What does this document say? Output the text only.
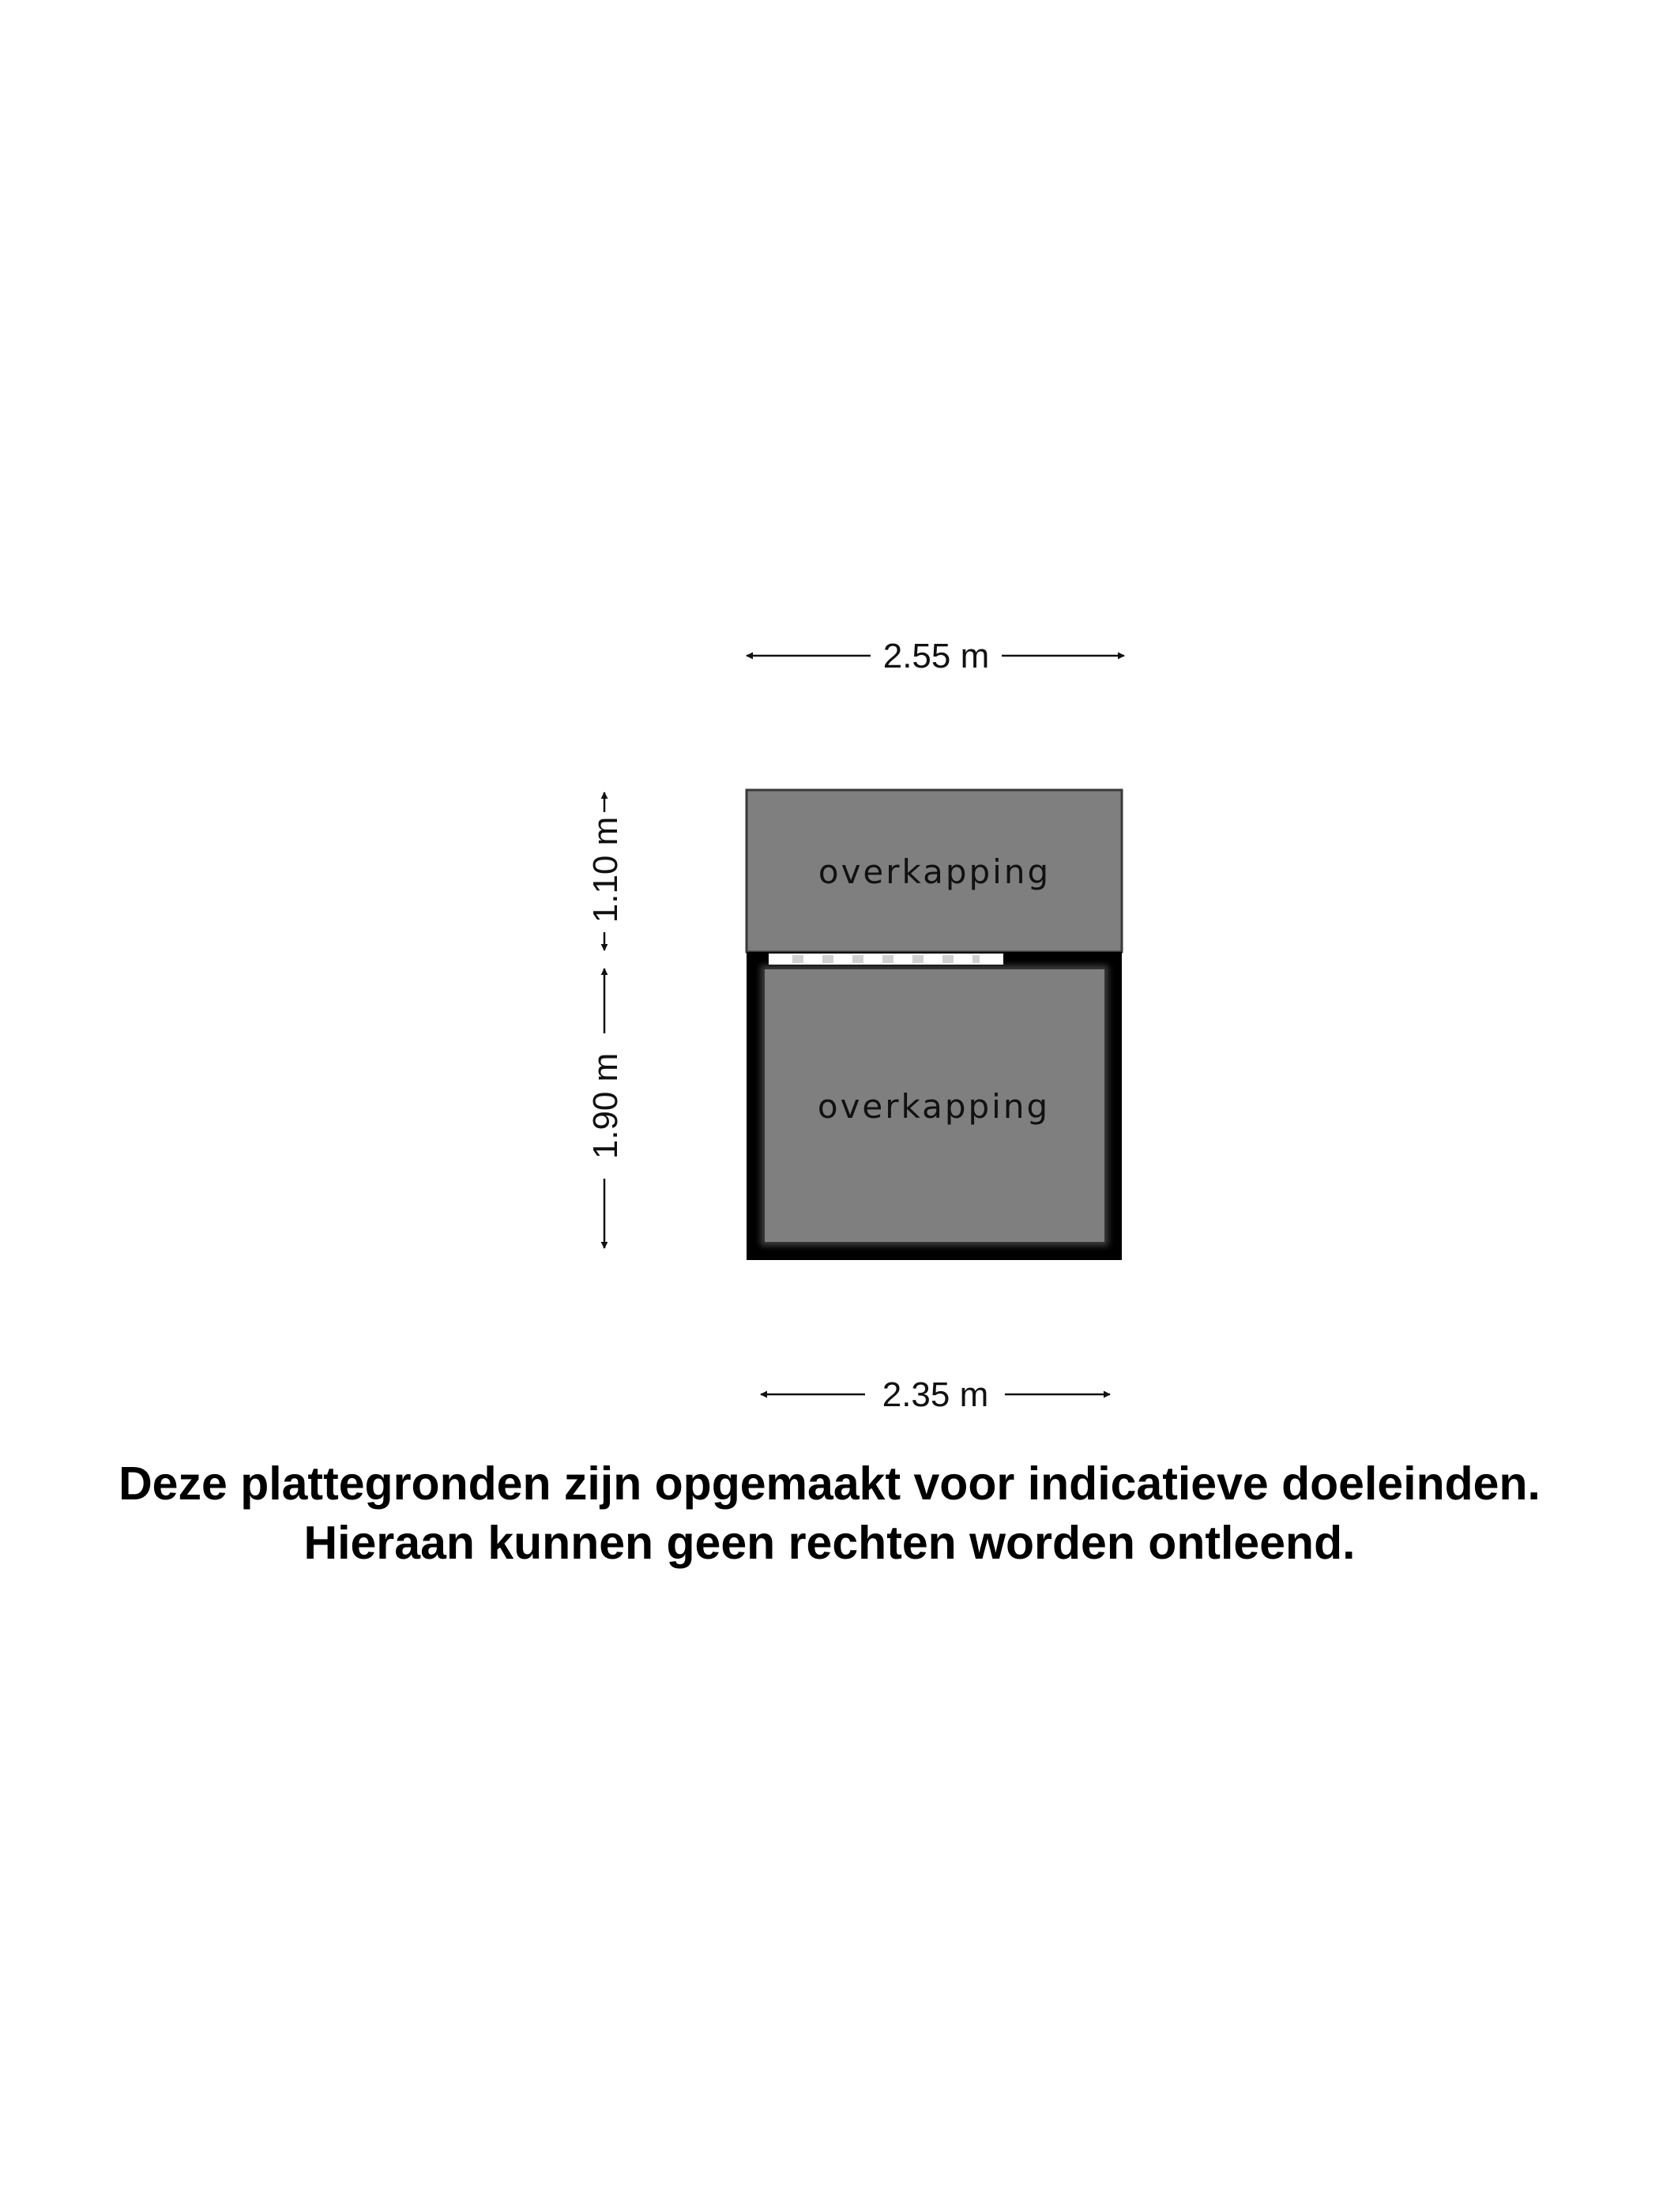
2.55 m
overkapping
overkapping
1.10 m
1.90 m
2.35 m

Deze plattegronden zijn opgemaakt voor indicatieve doeleinden.

Hieraan kunnen geen rechten worden ontleend.
